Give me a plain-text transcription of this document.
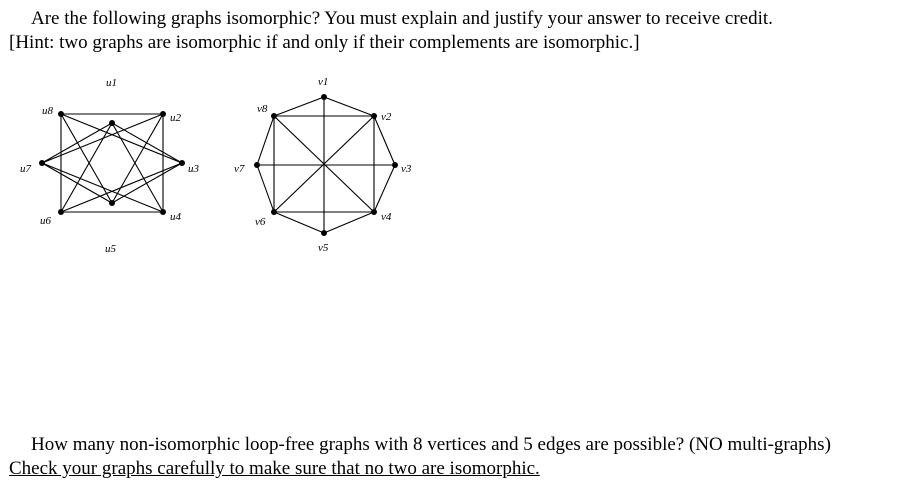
Are the following graphs isomorphic? You must explain and justify your answer to receive credit.
[Hint: two graphs are isomorphic if and only if their complements are isomorphic.]
u1
u2
u3
u4
u5
u6
u7
u8
v1
v2
v3
v4
v5
v6
v7
v8
How many non-isomorphic loop-free graphs with 8 vertices and 5 edges are possible? (NO multi-graphs)
Check your graphs carefully to make sure that no two are isomorphic.
